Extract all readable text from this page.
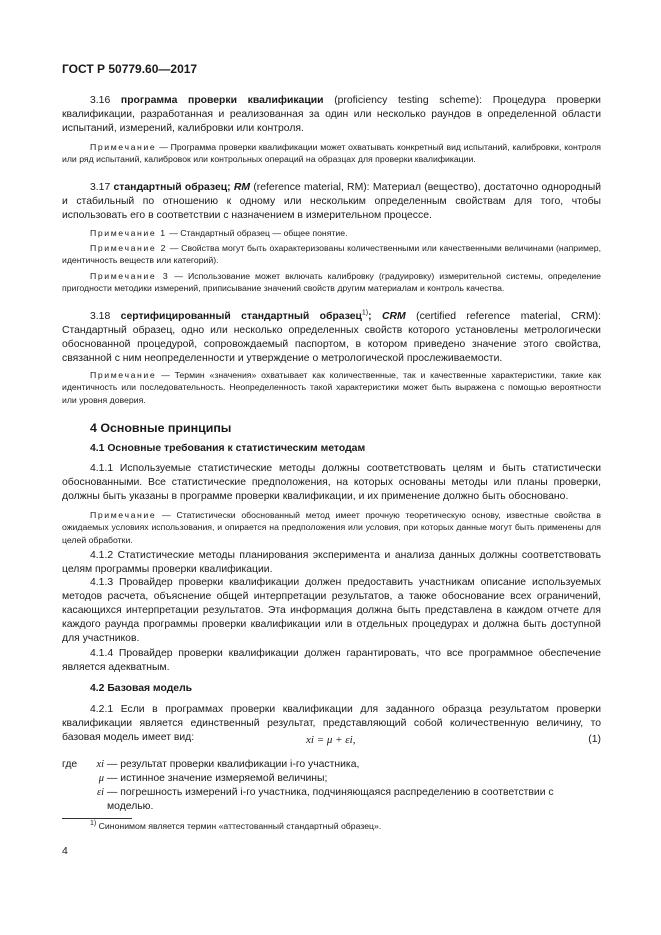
ГОСТ Р 50779.60—2017
3.16 программа проверки квалификации (proficiency testing scheme): Процедура проверки квалификации, разработанная и реализованная за один или несколько раундов в определенной области испытаний, измерений, калибровки или контроля.
Примечание — Программа проверки квалификации может охватывать конкретный вид испытаний, калибровки, контроля или ряд испытаний, калибровок или контрольных операций на образцах для проверки квалификации.
3.17 стандартный образец; RM (reference material, RM): Материал (вещество), достаточно однородный и стабильный по отношению к одному или нескольким определенным свойствам для того, чтобы использовать его в соответствии с назначением в измерительном процессе.
Примечание 1 — Стандартный образец — общее понятие.
Примечание 2 — Свойства могут быть охарактеризованы количественными или качественными величинами (например, идентичность веществ или категорий).
Примечание 3 — Использование может включать калибровку (градуировку) измерительной системы, определение пригодности методики измерений, приписывание значений свойств другим материалам и контроль качества.
3.18 сертифицированный стандартный образец$^{1)}$; CRM (certified reference material, CRM): Стандартный образец, одно или несколько определенных свойств которого установлены метрологически обоснованной процедурой, сопровождаемый паспортом, в котором приведено значение этого свойства, связанной с ним неопределенности и утверждение о метрологической прослеживаемости.
Примечание — Термин «значения» охватывает как количественные, так и качественные характеристики, такие как идентичность или последовательность. Неопределенность такой характеристики может быть выражена с помощью вероятности или уровня доверия.
4 Основные принципы
4.1 Основные требования к статистическим методам
4.1.1 Используемые статистические методы должны соответствовать целям и быть статистически обоснованными. Все статистические предположения, на которых основаны методы или планы проверки, должны быть указаны в программе проверки квалификации, и их применение должно быть обосновано.
Примечание — Статистически обоснованный метод имеет прочную теоретическую основу, известные свойства в ожидаемых условиях использования, и опирается на предположения или условия, при которых данные могут быть применены для целей обработки.
4.1.2 Статистические методы планирования эксперимента и анализа данных должны соответствовать целям программы проверки квалификации.
4.1.3 Провайдер проверки квалификации должен предоставить участникам описание используемых методов расчета, объяснение общей интерпретации результатов, а также обоснование всех ограничений, касающихся интерпретации результатов. Эта информация должна быть представлена в каждом отчете для каждого раунда программы проверки квалификации или в отдельных процедурах и должна быть доступной для участников.
4.1.4 Провайдер проверки квалификации должен гарантировать, что все программное обеспечение является адекватным.
4.2 Базовая модель
4.2.1 Если в программах проверки квалификации для заданного образца результатом проверки квалификации является единственный результат, представляющий собой количественную величину, то базовая модель имеет вид:	xi = μ + εi,	(1)
где	xi — результат проверки квалификации i-го участника,
μ — истинное значение измеряемой величины;
εi — погрешность измерений i-го участника, подчиняющаяся распределению в соответствии с моделью.
$^{1)}$ Синонимом является термин «аттестованный стандартный образец».
4
